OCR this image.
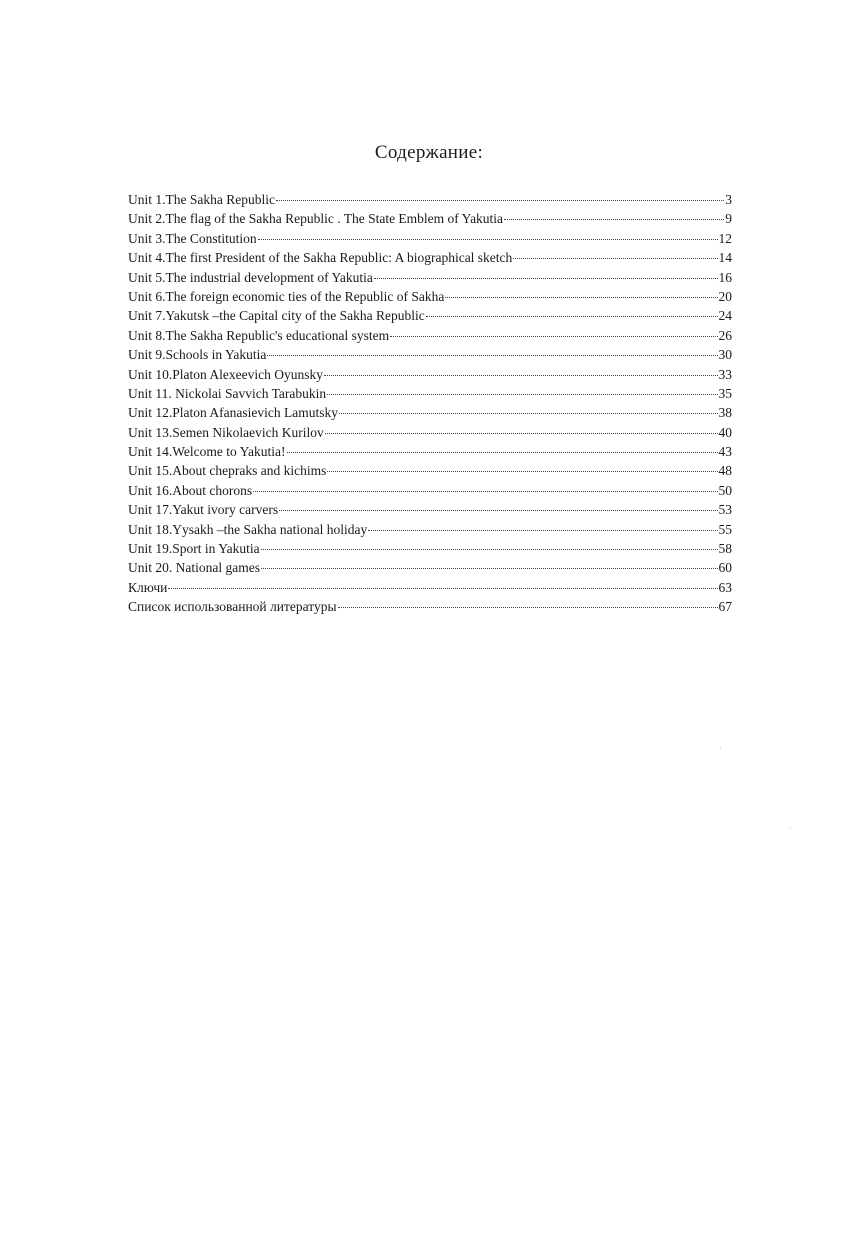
Содержание:
Unit 1.The Sakha Republic	3
Unit 2.The flag of the Sakha Republic . The State Emblem of Yakutia	9
Unit 3.The Constitution	12
Unit 4.The first President of the Sakha Republic: A biographical sketch	14
Unit 5.The industrial development of Yakutia	16
Unit 6.The foreign economic ties of the Republic of Sakha	20
Unit 7.Yakutsk –the Capital city of the Sakha Republic	24
Unit 8.The Sakha Republic's educational system	26
Unit 9.Schools in Yakutia	30
Unit 10.Platon Alexeevich Oyunsky	33
Unit 11. Nickolai Savvich Tarabukin	35
Unit 12.Platon Afanasievich Lamutsky	38
Unit 13.Semen Nikolaevich Kurilov	40
Unit 14.Welcome to Yakutia!	43
Unit 15.About chepraks and kichims	48
Unit 16.About chorons	50
Unit 17.Yakut ivory carvers	53
Unit 18.Yysakh –the Sakha national holiday	55
Unit 19.Sport in Yakutia	58
Unit 20. National games	60
Ключи	63
Список использованной литературы	67
